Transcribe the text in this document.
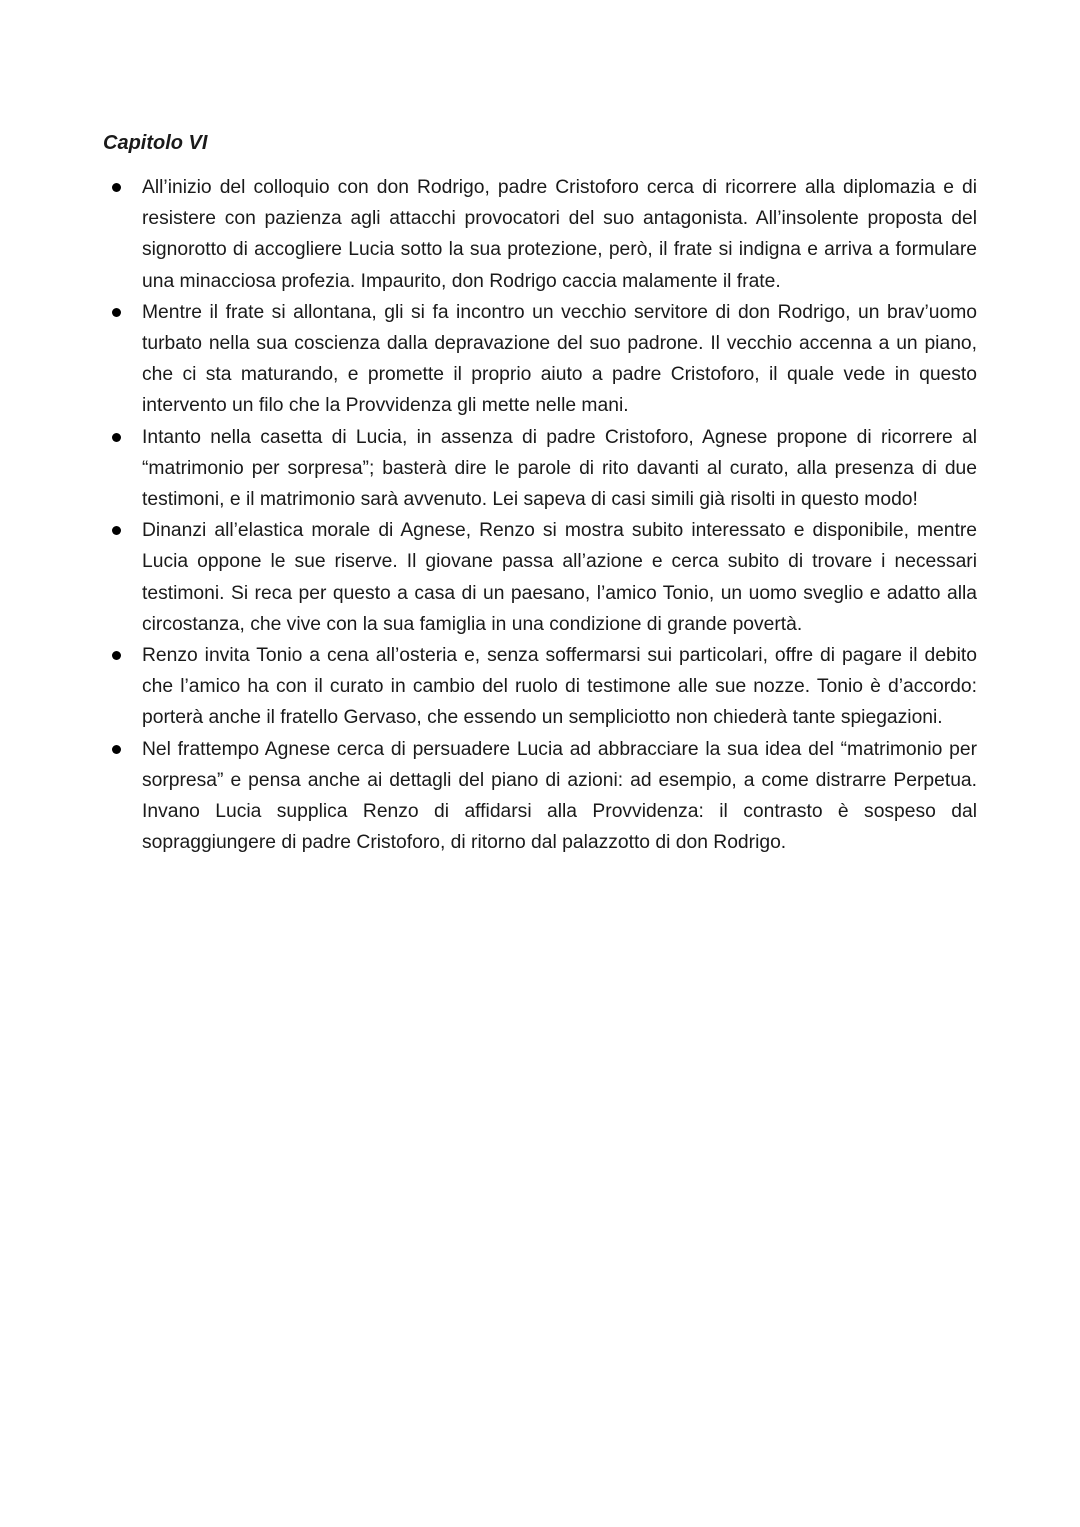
Capitolo VI
All’inizio del colloquio con don Rodrigo, padre Cristoforo cerca di ricorrere alla diplomazia e di resistere con pazienza agli attacchi provocatori del suo antagonista. All’insolente proposta del signorotto di accogliere Lucia sotto la sua protezione, però, il frate si indigna e arriva a formulare una minacciosa profezia. Impaurito, don Rodrigo caccia malamente il frate.
Mentre il frate si allontana, gli si fa incontro un vecchio servitore di don Rodrigo, un brav’uomo turbato nella sua coscienza dalla depravazione del suo padrone. Il vecchio accenna a un piano, che ci sta maturando, e promette il proprio aiuto a padre Cristoforo, il quale vede in questo intervento un filo che la Provvidenza gli mette nelle mani.
Intanto nella casetta di Lucia, in assenza di padre Cristoforo, Agnese propone di ricorrere al “matrimonio per sorpresa”; basterà dire le parole di rito davanti al curato, alla presenza di due testimoni, e il matrimonio sarà avvenuto. Lei sapeva di casi simili già risolti in questo modo!
Dinanzi all’elastica morale di Agnese, Renzo si mostra subito interessato e disponibile, mentre Lucia oppone le sue riserve. Il giovane passa all’azione e cerca subito di trovare i necessari testimoni. Si reca per questo a casa di un paesano, l’amico Tonio, un uomo sveglio e adatto alla circostanza, che vive con la sua famiglia in una condizione di grande povertà.
Renzo invita Tonio a cena all’osteria e, senza soffermarsi sui particolari, offre di pagare il debito che l’amico ha con il curato in cambio del ruolo di testimone alle sue nozze. Tonio è d’accordo: porterà anche il fratello Gervaso, che essendo un sempliciotto non chiederà tante spiegazioni.
Nel frattempo Agnese cerca di persuadere Lucia ad abbracciare la sua idea del “matrimonio per sorpresa” e pensa anche ai dettagli del piano di azioni: ad esempio, a come distrarre Perpetua. Invano Lucia supplica Renzo di affidarsi alla Provvidenza: il contrasto è sospeso dal sopraggiungere di padre Cristoforo, di ritorno dal palazzotto di don Rodrigo.
